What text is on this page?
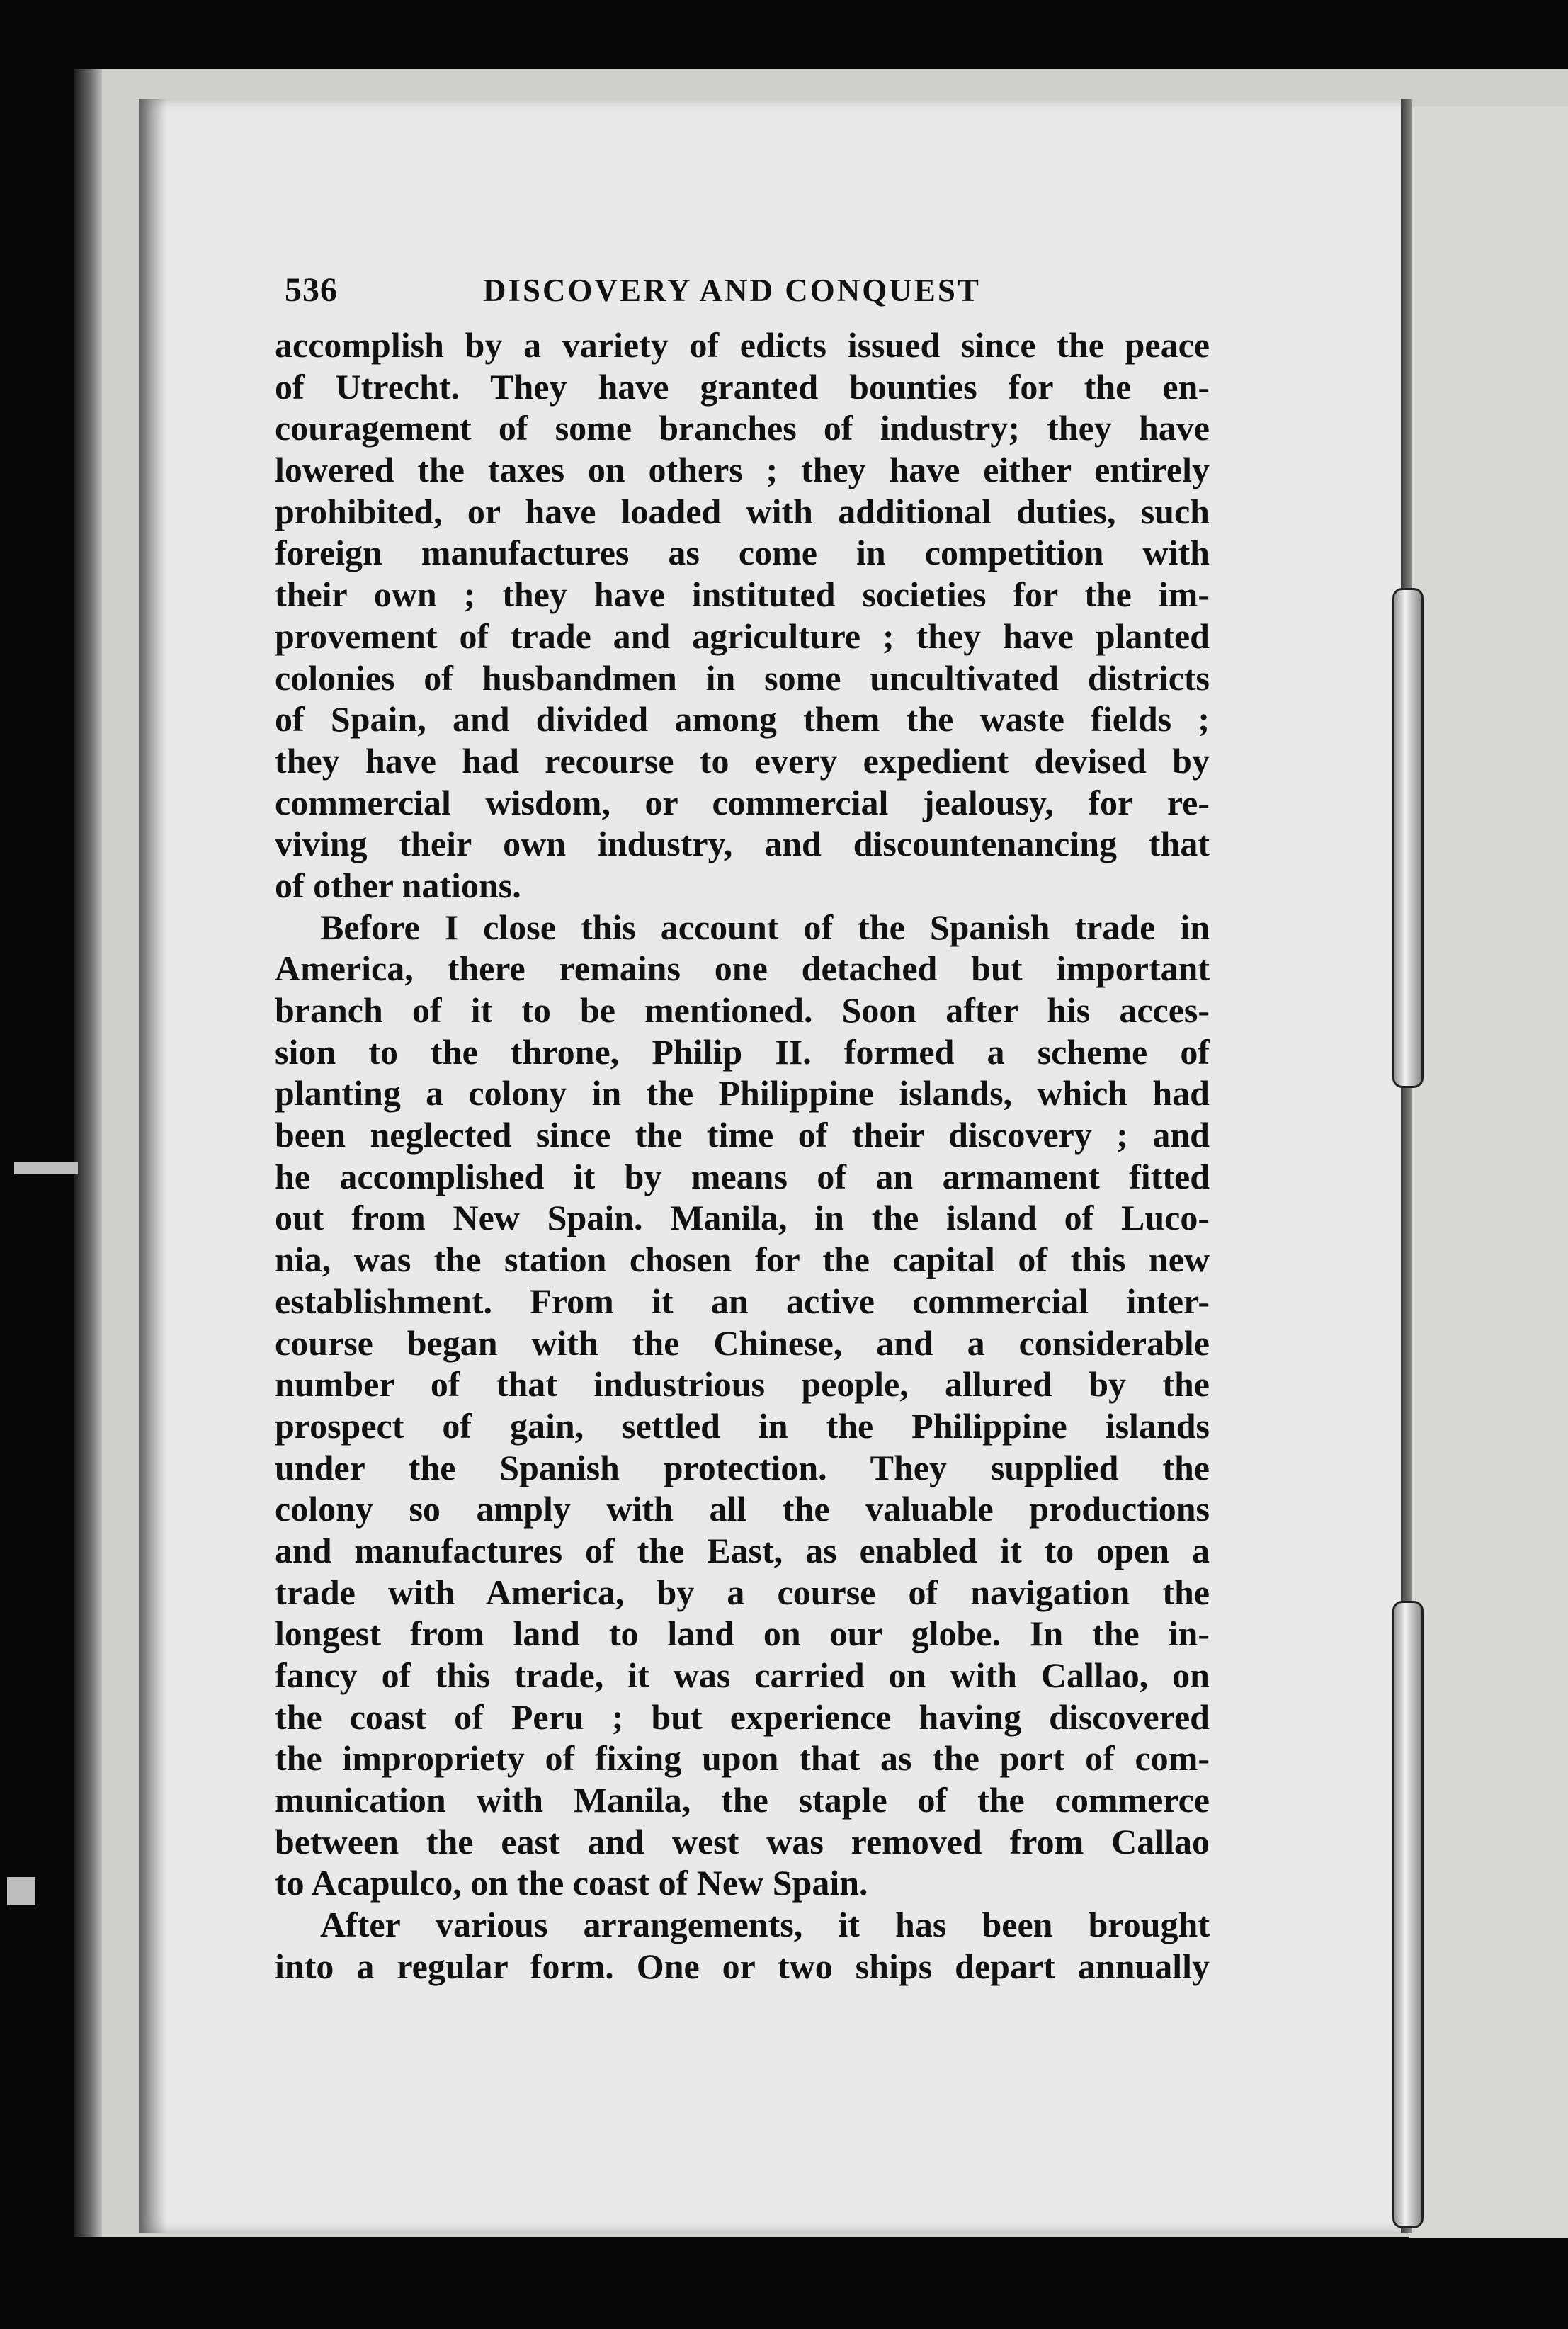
536	DISCOVERY AND CONQUEST
accomplish by a variety of edicts issued since the peace
of Utrecht. They have granted bounties for the en-
couragement of some branches of industry; they have
lowered the taxes on others ; they have either entirely
prohibited, or have loaded with additional duties, such
foreign manufactures as come in competition with
their own ; they have instituted societies for the im-
provement of trade and agriculture ; they have planted
colonies of husbandmen in some uncultivated districts
of Spain, and divided among them the waste fields ;
they have had recourse to every expedient devised by
commercial wisdom, or commercial jealousy, for re-
viving their own industry, and discountenancing that
of other nations.
Before I close this account of the Spanish trade in
America, there remains one detached but important
branch of it to be mentioned. Soon after his acces-
sion to the throne, Philip II. formed a scheme of
planting a colony in the Philippine islands, which had
been neglected since the time of their discovery ; and
he accomplished it by means of an armament fitted
out from New Spain. Manila, in the island of Luco-
nia, was the station chosen for the capital of this new
establishment. From it an active commercial inter-
course began with the Chinese, and a considerable
number of that industrious people, allured by the
prospect of gain, settled in the Philippine islands
under the Spanish protection. They supplied the
colony so amply with all the valuable productions
and manufactures of the East, as enabled it to open a
trade with America, by a course of navigation the
longest from land to land on our globe. In the in-
fancy of this trade, it was carried on with Callao, on
the coast of Peru ; but experience having discovered
the impropriety of fixing upon that as the port of com-
munication with Manila, the staple of the commerce
between the east and west was removed from Callao
to Acapulco, on the coast of New Spain.
After various arrangements, it has been brought
into a regular form. One or two ships depart annually
